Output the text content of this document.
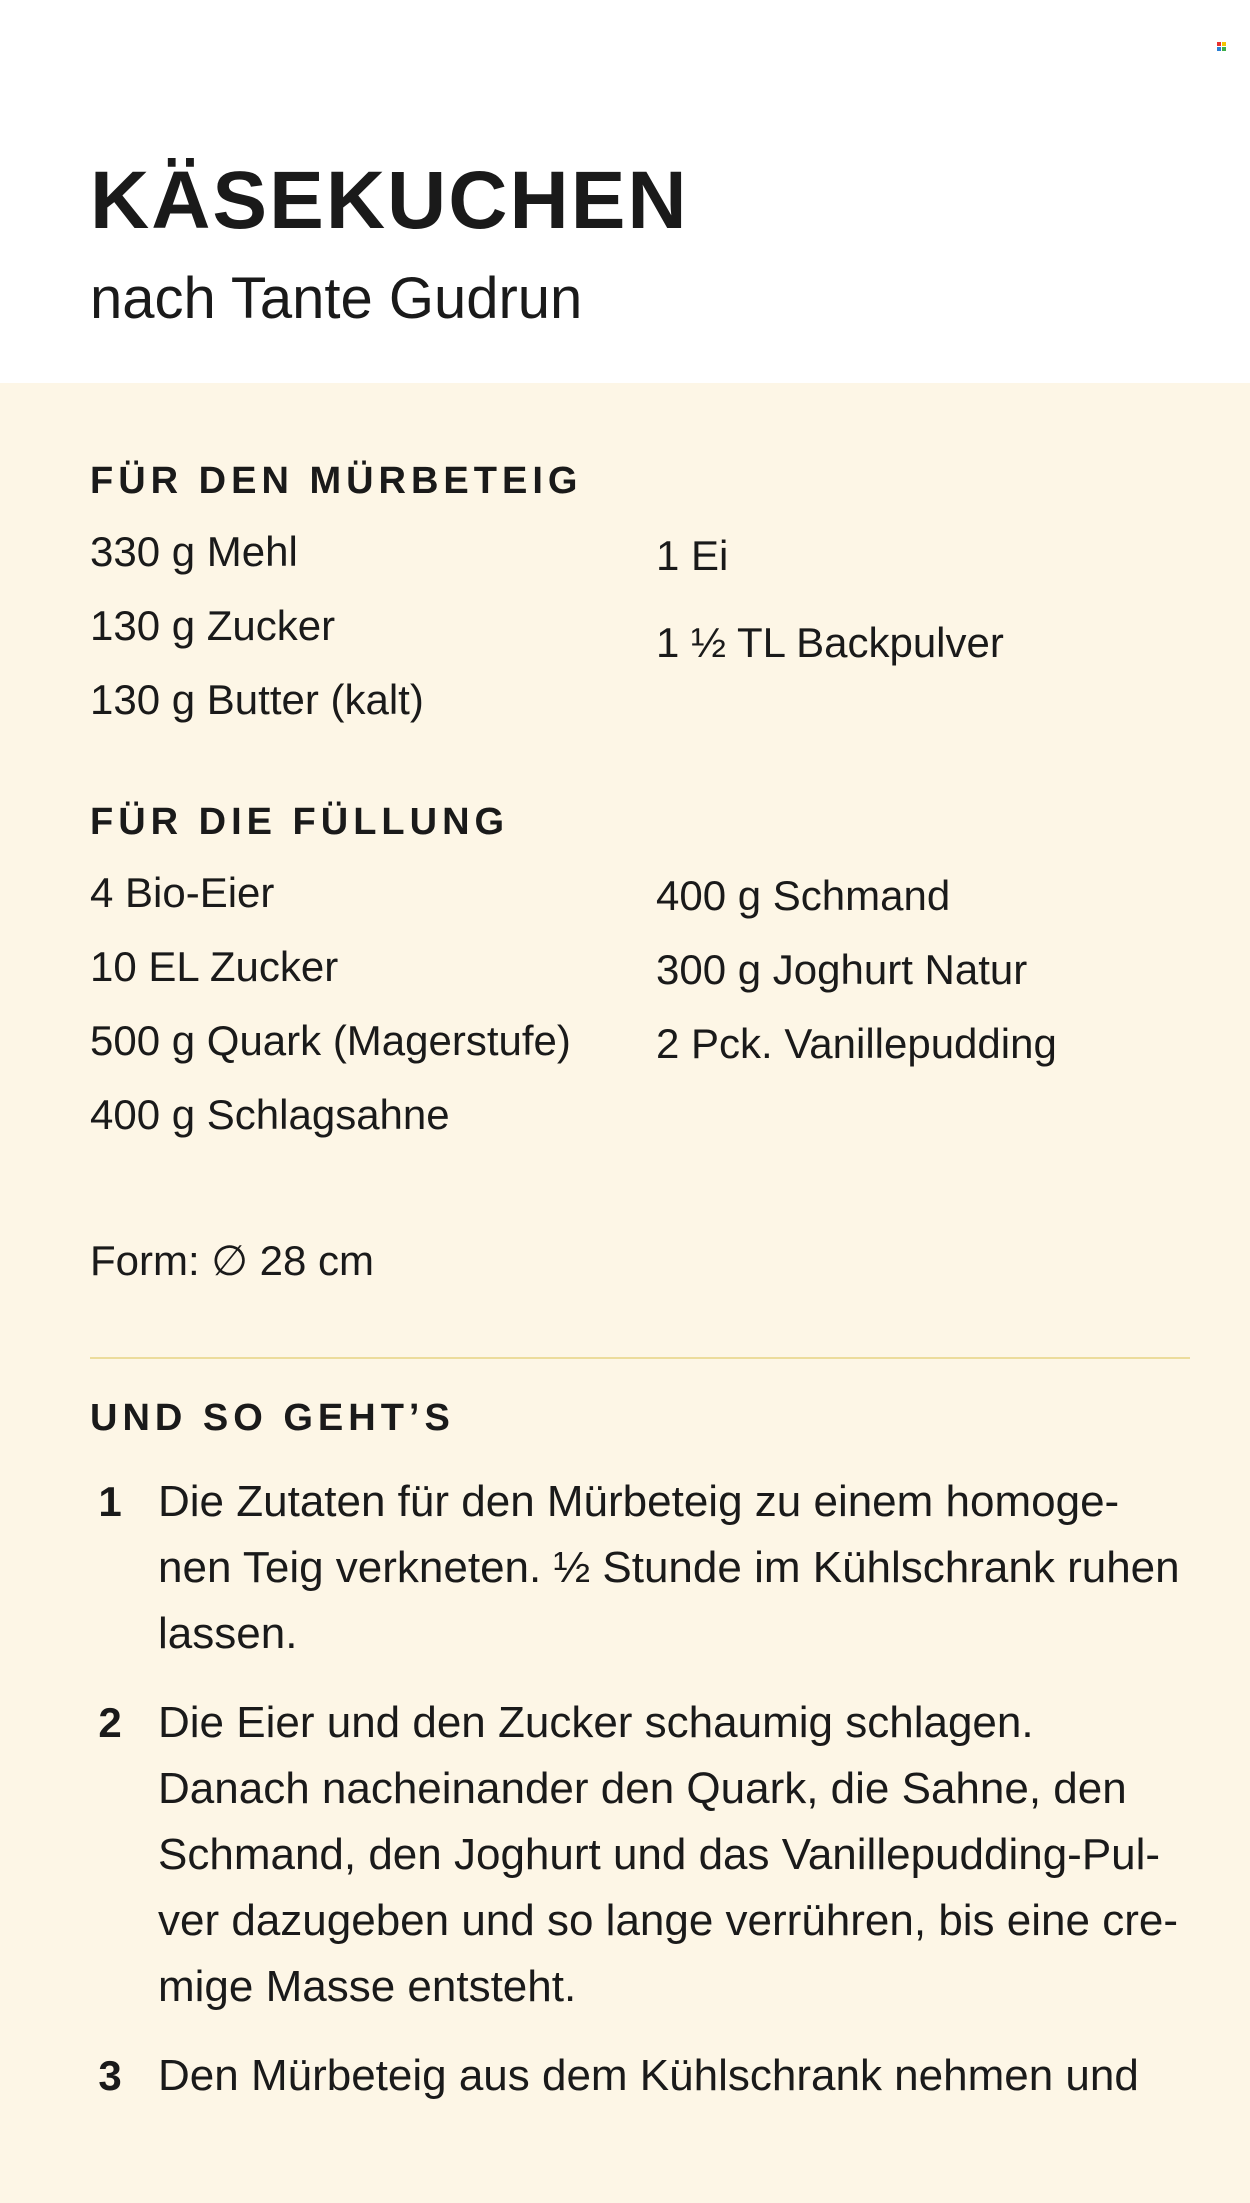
KÄSEKUCHEN
nach Tante Gudrun
FÜR DEN MÜRBETEIG

330 g Mehl

130 g Zucker

130 g Butter (kalt)

1 Ei

1 ½ TL Backpulver

FÜR DIE FÜLLUNG

4 Bio-Eier

10 EL Zucker

500 g Quark (Magerstufe)

400 g Schlagsahne

400 g Schmand

300 g Joghurt Natur

2 Pck. Vanillepudding

Form: ∅ 28 cm

UND SO GEHT’S
1 Die Zutaten für den Mürbeteig zu einem homoge-
nen Teig verkneten. ½ Stunde im Kühlschrank ruhen
lassen.
2 Die Eier und den Zucker schaumig schlagen.
Danach nacheinander den Quark, die Sahne, den
Schmand, den Joghurt und das Vanillepudding-Pul-
ver dazugeben und so lange verrühren, bis eine cre-
mige Masse entsteht.
3 Den Mürbeteig aus dem Kühlschrank nehmen und
